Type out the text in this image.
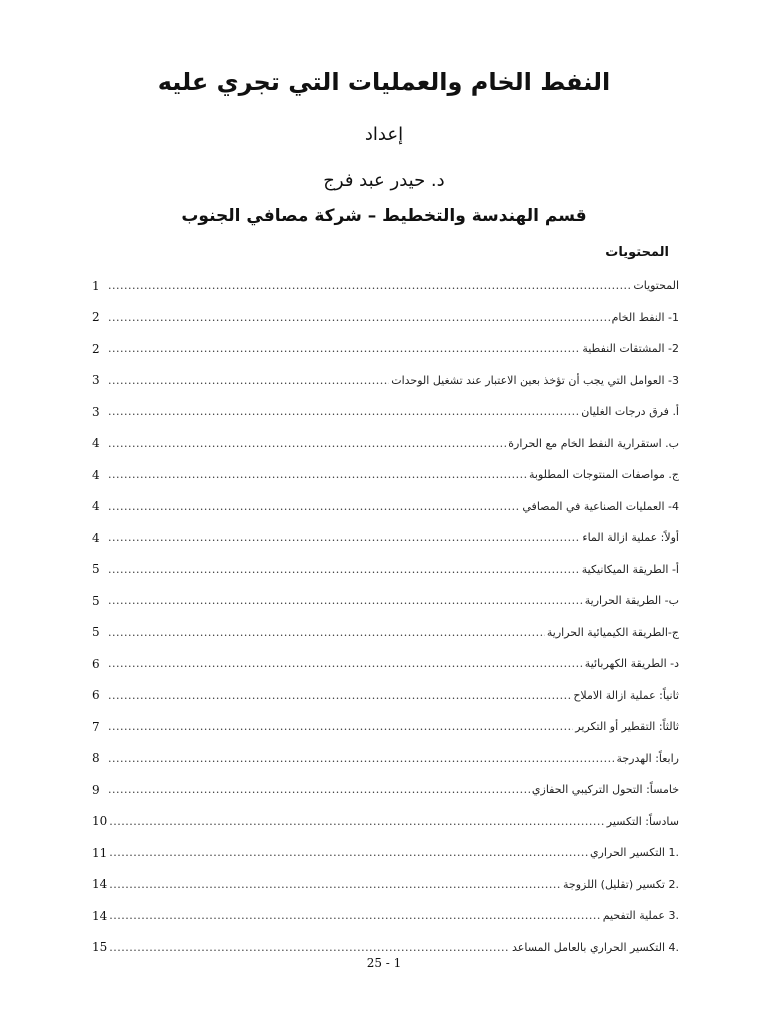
النفط الخام والعمليات التي تجري عليه
إعداد
د. حيدر عبد فرج
قسم الهندسة والتخطيط – شركة مصافي الجنوب
المحتويات
المحتويات
.....
1
1- النفط الخام
.....
2
2- المشتقات النفطية
.....
2
3- العوامل التي يجب أن تؤخذ بعين الاعتبار عند تشغيل الوحدات
.....
3
أ. فرق درجات الغليان
.....
3
ب. استقرارية النفط الخام مع الحرارة
.....
4
ج. مواصفات المنتوجات المطلوبة
.....
4
4- العمليات الصناعية في المصافي
.....
4
أولاً: عملية ازالة الماء
.....
4
أ- الطريقة الميكانيكية
.....
5
ب- الطريقة الحرارية
.....
5
ج-الطريقة الكيميائية الحرارية
.....
5
د- الطريقة الكهربائية
.....
6
ثانياً: عملية ازالة الاملاح
.....
6
ثالثاً: التقطير أو التكرير
.....
7
رابعاً: الهدرجة
.....
8
خامساً: التحول التركيبي الحفازي
.....
9
سادساً: التكسير
.....
10
.1 التكسير الحراري
.....
11
.2 تكسير (تقليل) اللزوجة
.....
14
.3 عملية التفحيم
.....
14
.4 التكسير الحراري بالعامل المساعد
.....
15
25 - 1
